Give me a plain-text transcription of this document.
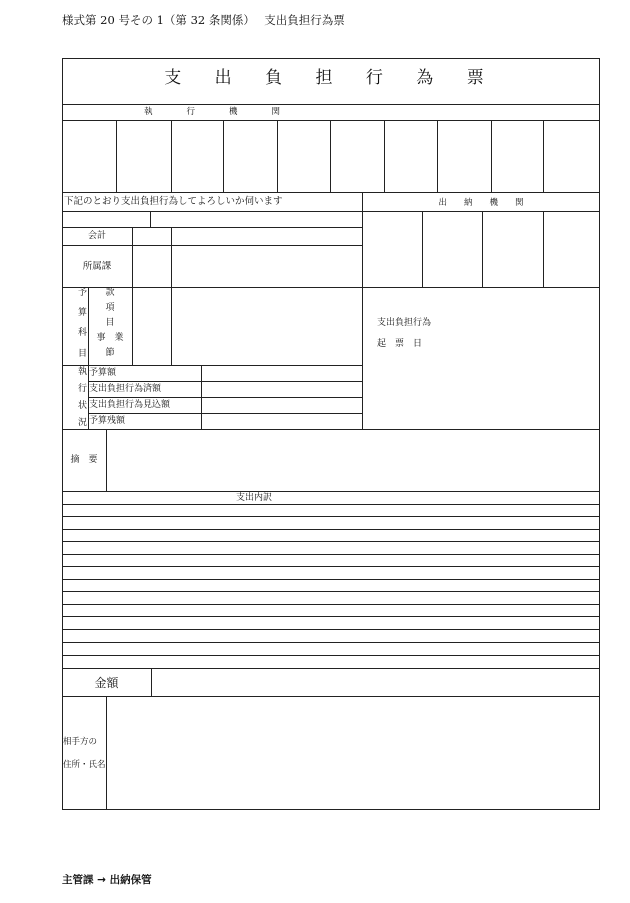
様式第 20 号その 1（第 32 条関係）　 支出負担行為票
支 出 負 担 行 為 票
執　　　　行　　　　機　　　　関
下記のとおり支出負担行為してよろしいか伺います	出　　納　　機　　関
会計
所属課
予
算
科
目
款
項
目
事　業
節
執
行
状
況
予算額
支出負担行為済額
支出負担行為見込額
予算残額
支出負担行為
起　票　日
摘　要
支出内訳
金額
相手方の
住所・氏名
主管課 → 出納保管
